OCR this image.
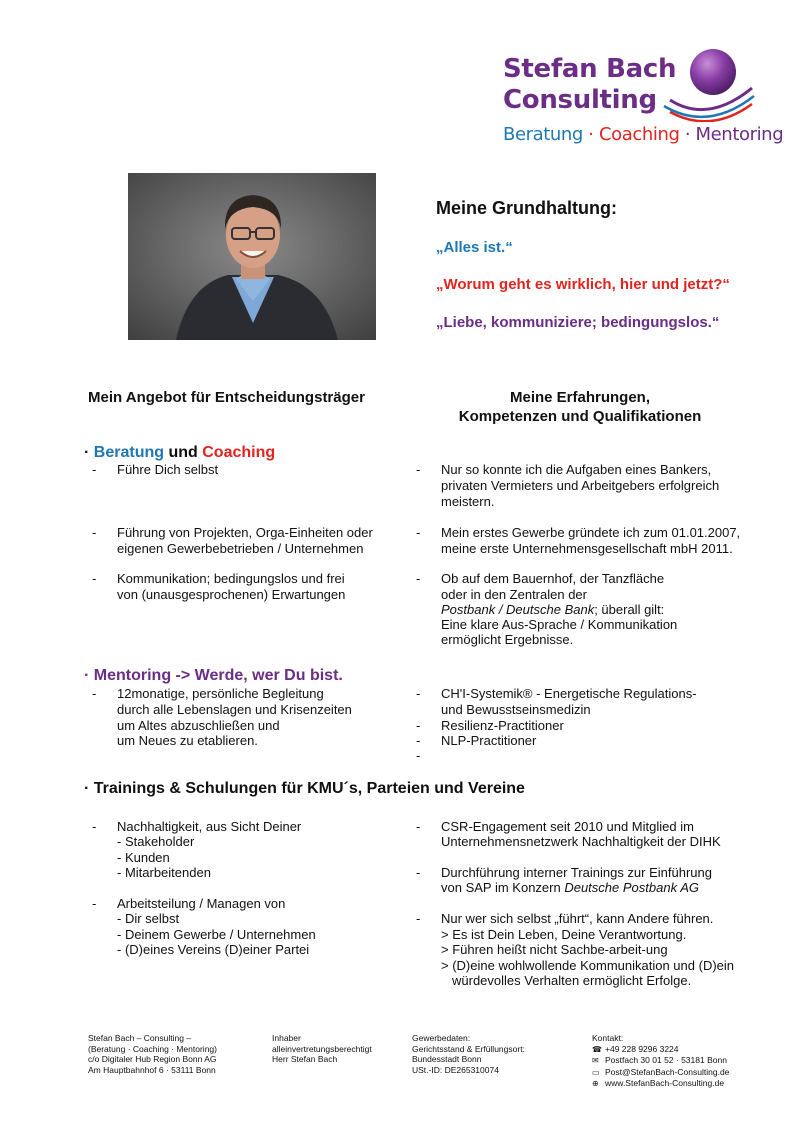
Stefan Bach
Consulting
Beratung · Coaching · Mentoring
Meine Grundhaltung:
„Alles ist.“
„Worum geht es wirklich, hier und jetzt?“
„Liebe, kommuniziere; bedingungslos.“
Mein Angebot für Entscheidungsträger	Meine Erfahrungen,
Kompetenzen und Qualifikationen
· Beratung und Coaching
- Führe Dich selbst	- Nur so konnte ich die Aufgaben eines Bankers,
privaten Vermieters und Arbeitgebers erfolgreich
meistern.
- Führung von Projekten, Orga-Einheiten oder
eigenen Gewerbebetrieben / Unternehmen
- Mein erstes Gewerbe gründete ich zum 01.01.2007,
meine erste Unternehmensgesellschaft mbH 2011.
- Kommunikation; bedingungslos und frei
von (unausgesprochenen) Erwartungen
- Ob auf dem Bauernhof, der Tanzfläche
oder in den Zentralen der
Postbank / Deutsche Bank; überall gilt:
Eine klare Aus-Sprache / Kommunikation
ermöglicht Ergebnisse.
· Mentoring -> Werde, wer Du bist.
- 12monatige, persönliche Begleitung
durch alle Lebenslagen und Krisenzeiten
um Altes abzuschließen und
um Neues zu etablieren.
- CH'I-Systemik® - Energetische Regulations-
und Bewusstseinsmedizin
- Resilienz-Practitioner
- NLP-Practitioner
-
· Trainings & Schulungen für KMU´s, Parteien und Vereine
- Nachhaltigkeit, aus Sicht Deiner
- Stakeholder
- Kunden
- Mitarbeitenden
- CSR-Engagement seit 2010 und Mitglied im
Unternehmensnetzwerk Nachhaltigkeit der DIHK
- Durchführung interner Trainings zur Einführung
von SAP im Konzern Deutsche Postbank AG
- Arbeitsteilung / Managen von
- Dir selbst
- Deinem Gewerbe / Unternehmen
- (D)eines Vereins (D)einer Partei
- Nur wer sich selbst „führt“, kann Andere führen.
> Es ist Dein Leben, Deine Verantwortung.
> Führen heißt nicht Sachbe-arbeit-ung
> (D)eine wohlwollende Kommunikation und (D)ein
würdevolles Verhalten ermöglicht Erfolge.
Stefan Bach – Consulting –
(Beratung · Coaching · Mentoring)
c/o Digitaler Hub Region Bonn AG
Am Hauptbahnhof 6 · 53111 Bonn
Inhaber
alleinvertretungsberechtigt
Herr Stefan Bach
Gewerbedaten:
Gerichtsstand & Erfüllungsort:
Bundesstadt Bonn
USt.-ID: DE265310074
Kontakt:
☎ +49 228 9296 3224
✉ Postfach 30 01 52 · 53181 Bonn
▭ Post@StefanBach-Consulting.de
⊕ www.StefanBach-Consulting.de
